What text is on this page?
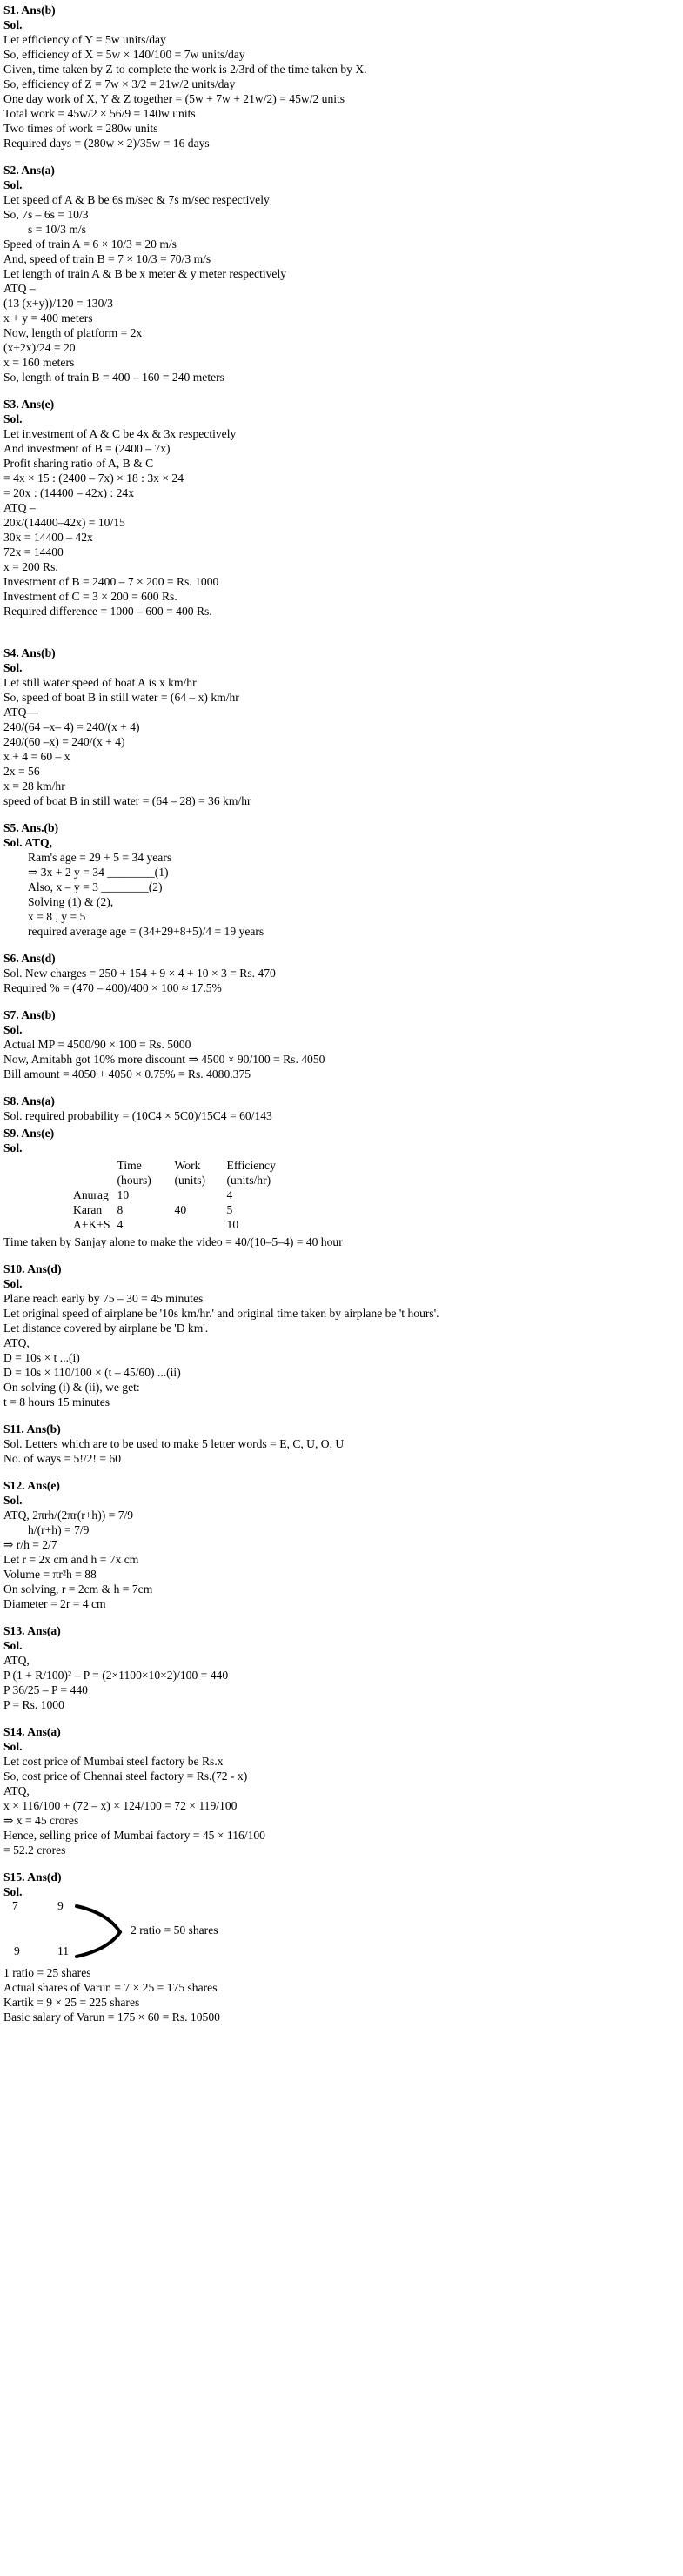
S1. Ans(b)
Sol.
Let efficiency of Y = 5w units/day
So, efficiency of X = 5w × 140/100 = 7w units/day
Given, time taken by Z to complete the work is 2/3rd of the time taken by X.
So, efficiency of Z = 7w × 3/2 = 21w/2 units/day
One day work of X, Y & Z together = (5w + 7w + 21w/2) = 45w/2 units
Total work = 45w/2 × 56/9 = 140w units
Two times of work = 280w units
Required days = (280w × 2)/35w = 16 days
S2. Ans(a)
Sol.
Let speed of A & B be 6s m/sec & 7s m/sec respectively
So, 7s – 6s = 10/3
s = 10/3 m/s
Speed of train A = 6 × 10/3 = 20 m/s
And, speed of train B = 7 × 10/3 = 70/3 m/s
Let length of train A & B be x meter & y meter respectively
ATQ –
(13 (x+y))/120 = 130/3
x + y = 400 meters
Now, length of platform = 2x
(x+2x)/24 = 20
x = 160 meters
So, length of train B = 400 – 160 = 240 meters
S3. Ans(e)
Sol.
Let investment of A & C be 4x & 3x respectively
And investment of B = (2400 – 7x)
Profit sharing ratio of A, B & C
= 4x × 15 : (2400 – 7x) × 18 : 3x × 24
= 20x : (14400 – 42x) : 24x
ATQ –
20x/(14400–42x) = 10/15
30x = 14400 – 42x
72x = 14400
x = 200 Rs.
Investment of B = 2400 – 7 × 200 = Rs. 1000
Investment of C = 3 × 200 = 600 Rs.
Required difference = 1000 – 600 = 400 Rs.
S4. Ans(b)
Sol.
Let still water speed of boat A is x km/hr
So, speed of boat B in still water = (64 – x) km/hr
ATQ—
240/(64 –x– 4) = 240/(x + 4)
240/(60 –x) = 240/(x + 4)
x + 4 = 60 – x
2x = 56
x = 28 km/hr
speed of boat B in still water = (64 – 28) = 36 km/hr
S5. Ans.(b)
Sol. ATQ,
Ram's age = 29 + 5 = 34 years
⇒ 3x + 2 y = 34 ________(1)
Also, x – y = 3 ________(2)
Solving (1) & (2),
x = 8 , y = 5
required average age = (34+29+8+5)/4 = 19 years
S6. Ans(d)
Sol. New charges = 250 + 154 + 9 × 4 + 10 × 3 = Rs. 470
Required % = (470 – 400)/400 × 100 ≈ 17.5%
S7. Ans(b)
Sol.
Actual MP = 4500/90 × 100 = Rs. 5000
Now, Amitabh got 10% more discount ⇒ 4500 × 90/100 = Rs. 4050
Bill amount = 4050 + 4050 × 0.75% = Rs. 4080.375
S8. Ans(a)
Sol. required probability = (10C4 × 5C0)/15C4 = 60/143
S9. Ans(e)
Sol.
	Time (hours)	Work (units)	Efficiency (units/hr)
Anurag	10		4
Karan	8	40	5
A+K+S	4		10
Time taken by Sanjay alone to make the video = 40/(10–5–4) = 40 hour
S10. Ans(d)
Sol.
Plane reach early by 75 – 30 = 45 minutes
Let original speed of airplane be '10s km/hr.' and original time taken by airplane be 't hours'.
Let distance covered by airplane be 'D km'.
ATQ,
D = 10s × t ...(i)
D = 10s × 110/100 × (t – 45/60) ...(ii)
On solving (i) & (ii), we get:
t = 8 hours 15 minutes
S11. Ans(b)
Sol. Letters which are to be used to make 5 letter words = E, C, U, O, U
No. of ways = 5!/2! = 60
S12. Ans(e)
Sol.
ATQ, 2πrh/(2πr(r+h)) = 7/9
h/(r+h) = 7/9
⇒ r/h = 2/7
Let r = 2x cm and h = 7x cm
Volume = πr²h = 88
On solving, r = 2cm & h = 7cm
Diameter = 2r = 4 cm
S13. Ans(a)
Sol.
ATQ,
P (1 + R/100)² – P = (2×1100×10×2)/100 = 440
P 36/25 – P = 440
P = Rs. 1000
S14. Ans(a)
Sol.
Let cost price of Mumbai steel factory be Rs.x
So, cost price of Chennai steel factory = Rs.(72 - x)
ATQ,
x × 116/100 + (72 – x) × 124/100 = 72 × 119/100
⇒ x = 45 crores
Hence, selling price of Mumbai factory = 45 × 116/100
= 52.2 crores
S15. Ans(d)
Sol.
7	9
9	11
2 ratio = 50 shares
1 ratio = 25 shares
Actual shares of Varun = 7 × 25 = 175 shares
Kartik = 9 × 25 = 225 shares
Basic salary of Varun = 175 × 60 = Rs. 10500
